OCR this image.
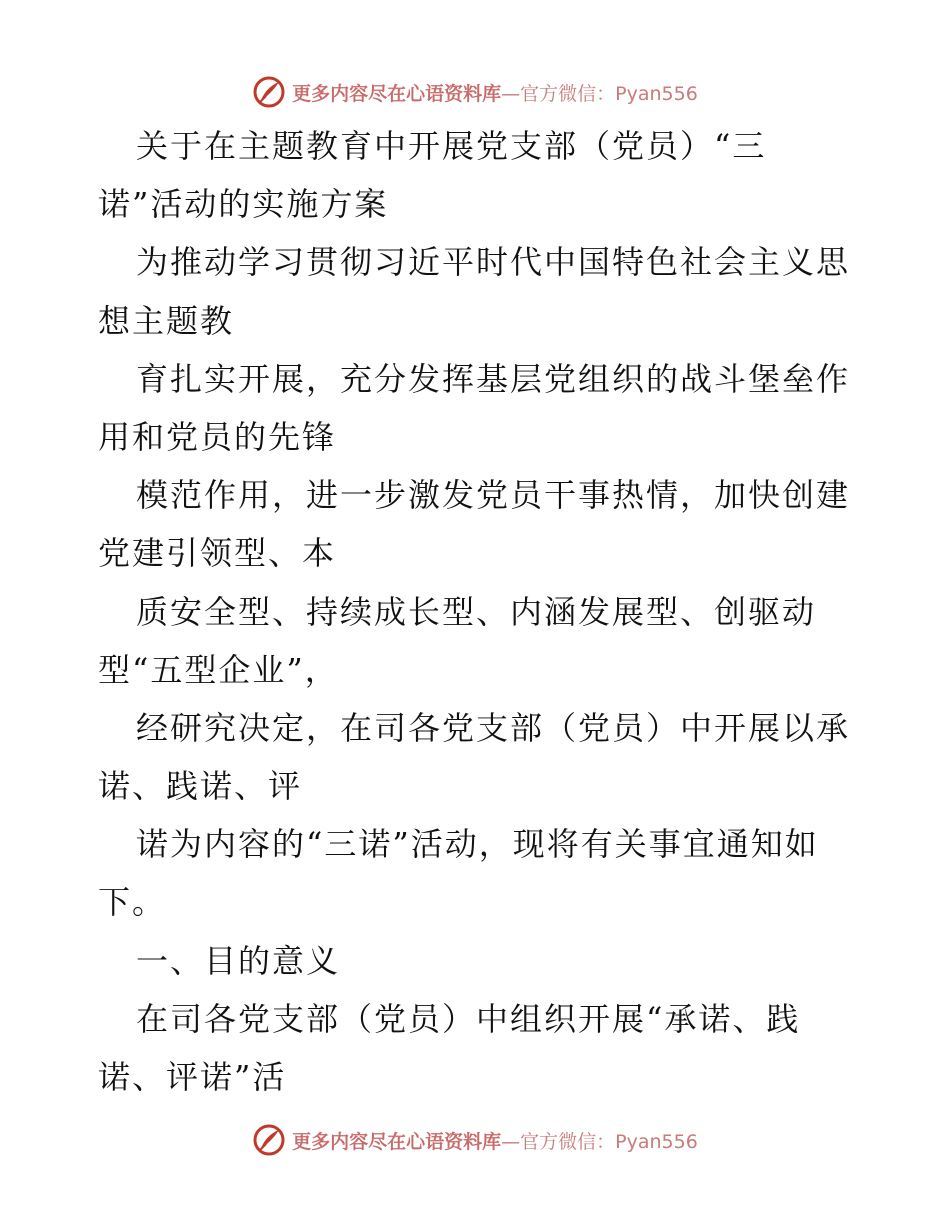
更多内容尽在心语资料库 —官方微信：Pyan556
关于在主题教育中开展党支部（党员）“三
诺”活动的实施方案
为推动学习贯彻习近平时代中国特色社会主义思
想主题教
育扎实开展，充分发挥基层党组织的战斗堡垒作
用和党员的先锋
模范作用，进一步激发党员干事热情，加快创建
党建引领型、本
质安全型、持续成长型、内涵发展型、创驱动
型“五型企业”，
经研究决定，在司各党支部（党员）中开展以承
诺、践诺、评
诺为内容的“三诺”活动，现将有关事宜通知如
下。
一、目的意义
在司各党支部（党员）中组织开展“承诺、践
诺、评诺”活
更多内容尽在心语资料库 —官方微信：Pyan556
